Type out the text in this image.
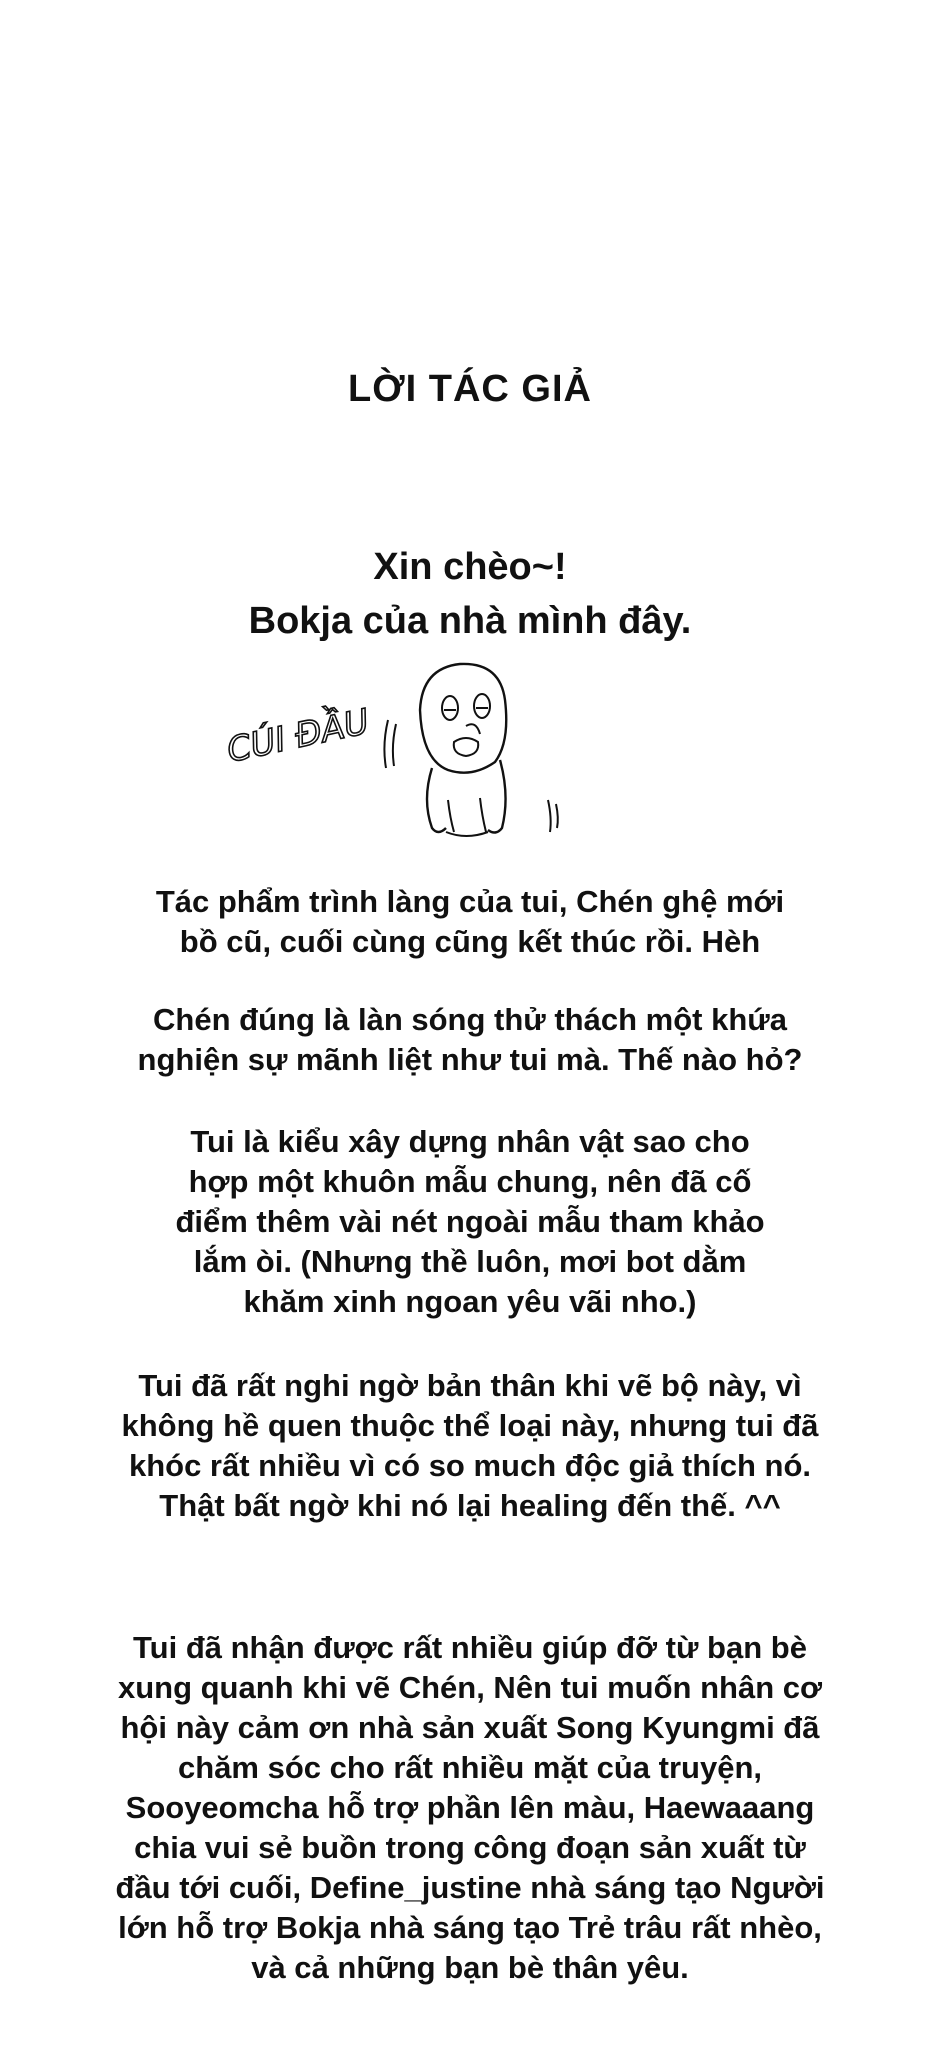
LỜI TÁC GIẢ
Xin chèo~!
Bokja của nhà mình đây.
CÚI ĐẦU
Tác phẩm trình làng của tui, Chén ghệ mới
bồ cũ, cuối cùng cũng kết thúc rồi. Hèh
Chén đúng là làn sóng thử thách một khứa
nghiện sự mãnh liệt như tui mà. Thế nào hỏ?
Tui là kiểu xây dựng nhân vật sao cho
hợp một khuôn mẫu chung, nên đã cố
điểm thêm vài nét ngoài mẫu tham khảo
lắm òi. (Nhưng thề luôn, mơi bot dằm
khăm xinh ngoan yêu vãi nho.)
Tui đã rất nghi ngờ bản thân khi vẽ bộ này, vì
không hề quen thuộc thể loại này, nhưng tui đã
khóc rất nhiều vì có so much độc giả thích nó.
Thật bất ngờ khi nó lại healing đến thế. ^^
Tui đã nhận được rất nhiều giúp đỡ từ bạn bè
xung quanh khi vẽ Chén, Nên tui muốn nhân cơ
hội này cảm ơn nhà sản xuất Song Kyungmi đã
chăm sóc cho rất nhiều mặt của truyện,
Sooyeomcha hỗ trợ phần lên màu, Haewaaang
chia vui sẻ buồn trong công đoạn sản xuất từ
đầu tới cuối, Define_justine nhà sáng tạo Người
lớn hỗ trợ Bokja nhà sáng tạo Trẻ trâu rất nhèo,
và cả những bạn bè thân yêu.
